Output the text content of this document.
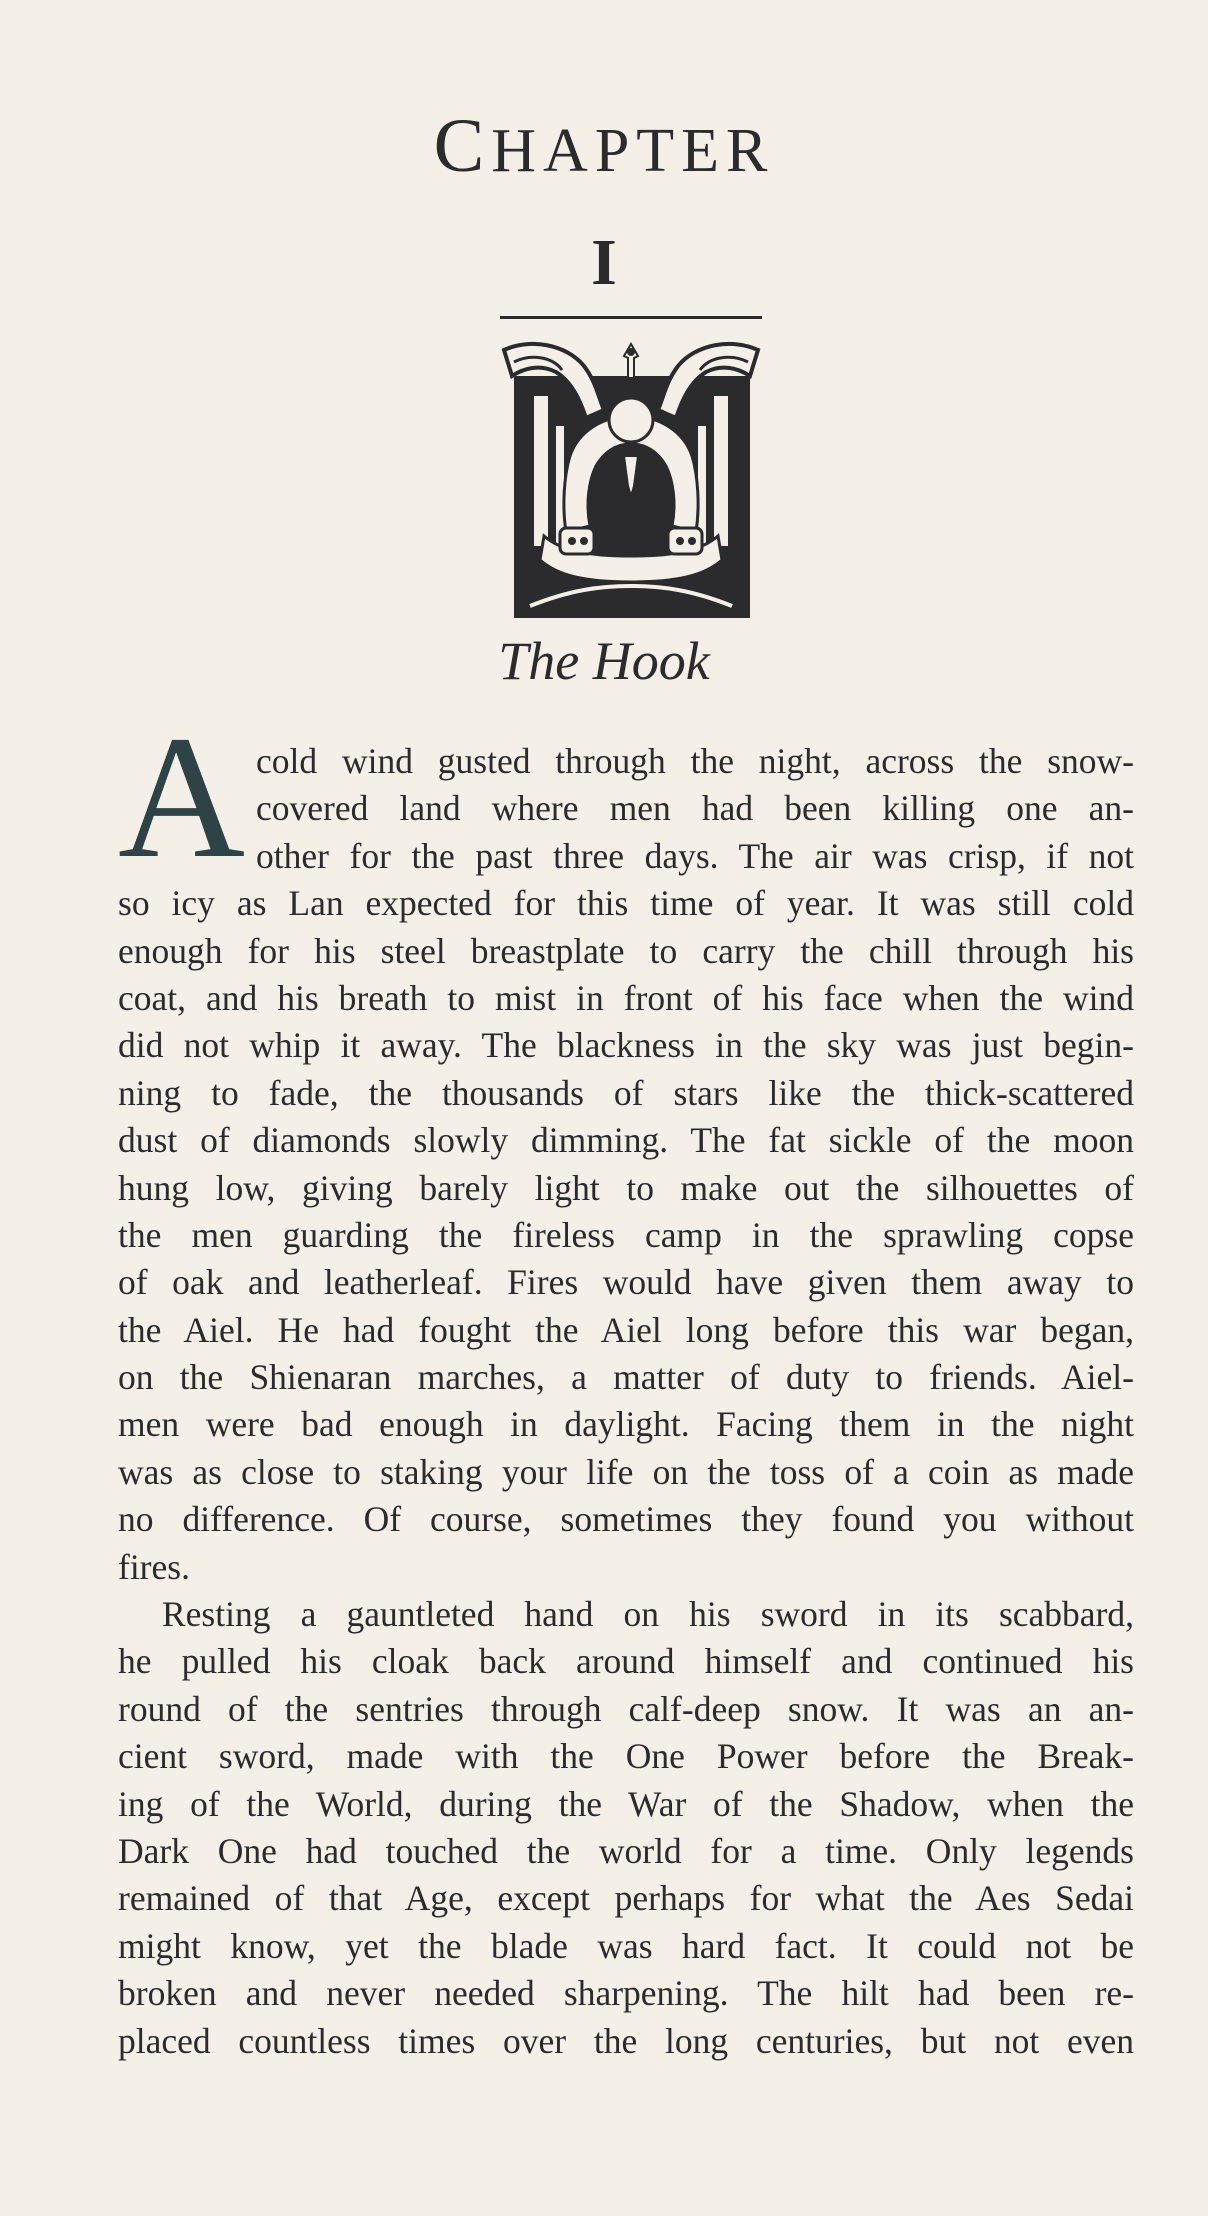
CHAPTER
I
The Hook
A cold wind gusted through the night, across the snow-
covered land where men had been killing one an-
other for the past three days. The air was crisp, if not
so icy as Lan expected for this time of year. It was still cold
enough for his steel breastplate to carry the chill through his
coat, and his breath to mist in front of his face when the wind
did not whip it away. The blackness in the sky was just begin-
ning to fade, the thousands of stars like the thick-scattered
dust of diamonds slowly dimming. The fat sickle of the moon
hung low, giving barely light to make out the silhouettes of
the men guarding the fireless camp in the sprawling copse
of oak and leatherleaf. Fires would have given them away to
the Aiel. He had fought the Aiel long before this war began,
on the Shienaran marches, a matter of duty to friends. Aiel-
men were bad enough in daylight. Facing them in the night
was as close to staking your life on the toss of a coin as made
no difference. Of course, sometimes they found you without
fires.
Resting a gauntleted hand on his sword in its scabbard,
he pulled his cloak back around himself and continued his
round of the sentries through calf-deep snow. It was an an-
cient sword, made with the One Power before the Break-
ing of the World, during the War of the Shadow, when the
Dark One had touched the world for a time. Only legends
remained of that Age, except perhaps for what the Aes Sedai
might know, yet the blade was hard fact. It could not be
broken and never needed sharpening. The hilt had been re-
placed countless times over the long centuries, but not even
